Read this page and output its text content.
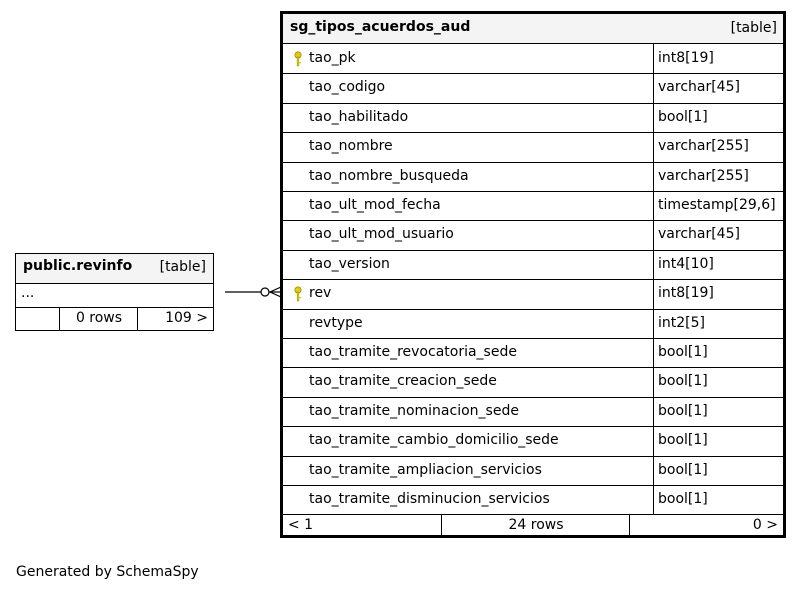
public.revinfo [table]
...
0 rows	109 >
sg_tipos_acuerdos_aud	[table]
tao_pk	int8[19]
tao_codigo	varchar[45]
tao_habilitado	bool[1]
tao_nombre	varchar[255]
tao_nombre_busqueda	varchar[255]
tao_ult_mod_fecha	timestamp[29,6]
tao_ult_mod_usuario	varchar[45]
tao_version	int4[10]
rev	int8[19]
revtype	int2[5]
tao_tramite_revocatoria_sede	bool[1]
tao_tramite_creacion_sede	bool[1]
tao_tramite_nominacion_sede	bool[1]
tao_tramite_cambio_domicilio_sede	bool[1]
tao_tramite_ampliacion_servicios	bool[1]
tao_tramite_disminucion_servicios	bool[1]
< 1	24 rows	0 >
Generated by SchemaSpy
